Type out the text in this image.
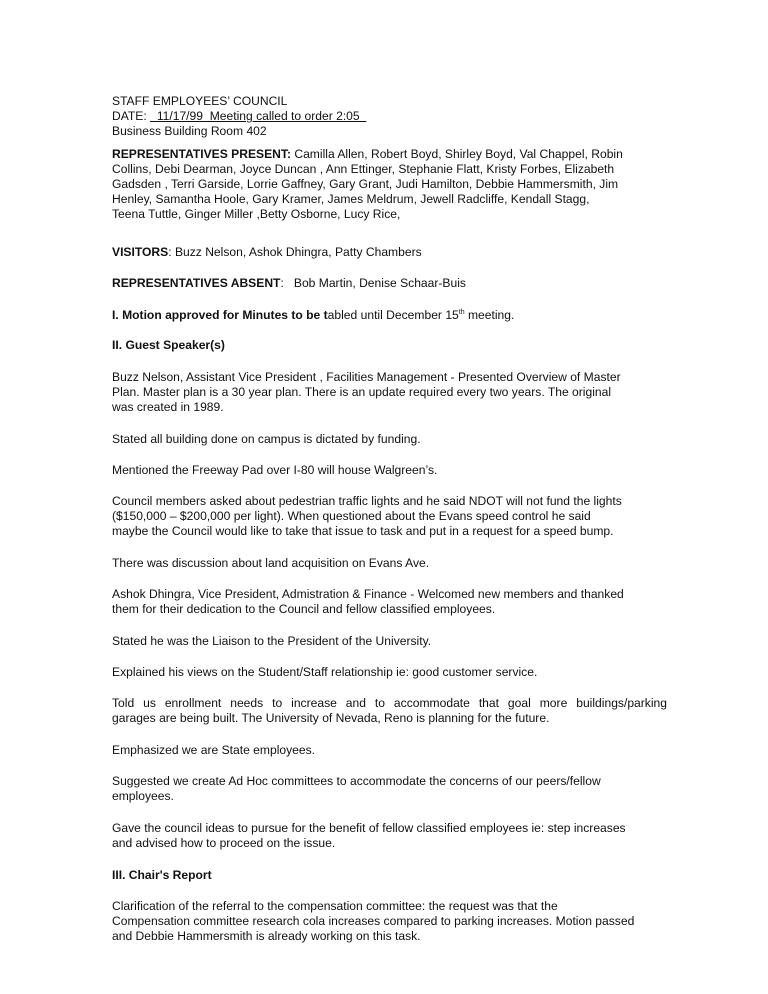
STAFF EMPLOYEES’ COUNCIL

DATE:   11/17/99  Meeting called to order 2:05

Business Building Room 402

REPRESENTATIVES PRESENT: Camilla Allen, Robert Boyd, Shirley Boyd, Val Chappel, Robin

Collins, Debi Dearman, Joyce Duncan , Ann Ettinger, Stephanie Flatt, Kristy Forbes, Elizabeth

Gadsden , Terri Garside, Lorrie Gaffney, Gary Grant, Judi Hamilton, Debbie Hammersmith, Jim

Henley, Samantha Hoole, Gary Kramer, James Meldrum, Jewell Radcliffe, Kendall Stagg,

Teena Tuttle, Ginger Miller ,Betty Osborne, Lucy Rice,

VISITORS: Buzz Nelson, Ashok Dhingra, Patty Chambers

REPRESENTATIVES ABSENT:   Bob Martin, Denise Schaar-Buis

I. Motion approved for Minutes to be tabled until December 15th meeting.

II. Guest Speaker(s)

Buzz Nelson, Assistant Vice President , Facilities Management - Presented Overview of Master

Plan. Master plan is a 30 year plan. There is an update required every two years. The original

was created in 1989.

Stated all building done on campus is dictated by funding.

Mentioned the Freeway Pad over I-80 will house Walgreen’s.

Council members asked about pedestrian traffic lights and he said NDOT will not fund the lights

($150,000 – $200,000 per light). When questioned about the Evans speed control he said

maybe the Council would like to take that issue to task and put in a request for a speed bump.

There was discussion about land acquisition on Evans Ave.

Ashok Dhingra, Vice President, Admistration & Finance - Welcomed new members and thanked

them for their dedication to the Council and fellow classified employees.

Stated he was the Liaison to the President of the University.

Explained his views on the Student/Staff relationship ie: good customer service.

Told us enrollment needs to increase and to accommodate that goal more buildings/parking

garages are being built. The University of Nevada, Reno is planning for the future.

Emphasized we are State employees.

Suggested we create Ad Hoc committees to accommodate the concerns of our peers/fellow

employees.

Gave the council ideas to pursue for the benefit of fellow classified employees ie: step increases

and advised how to proceed on the issue.

III. Chair's Report

Clarification of the referral to the compensation committee: the request was that the

Compensation committee research cola increases compared to parking increases. Motion passed

and Debbie Hammersmith is already working on this task.
